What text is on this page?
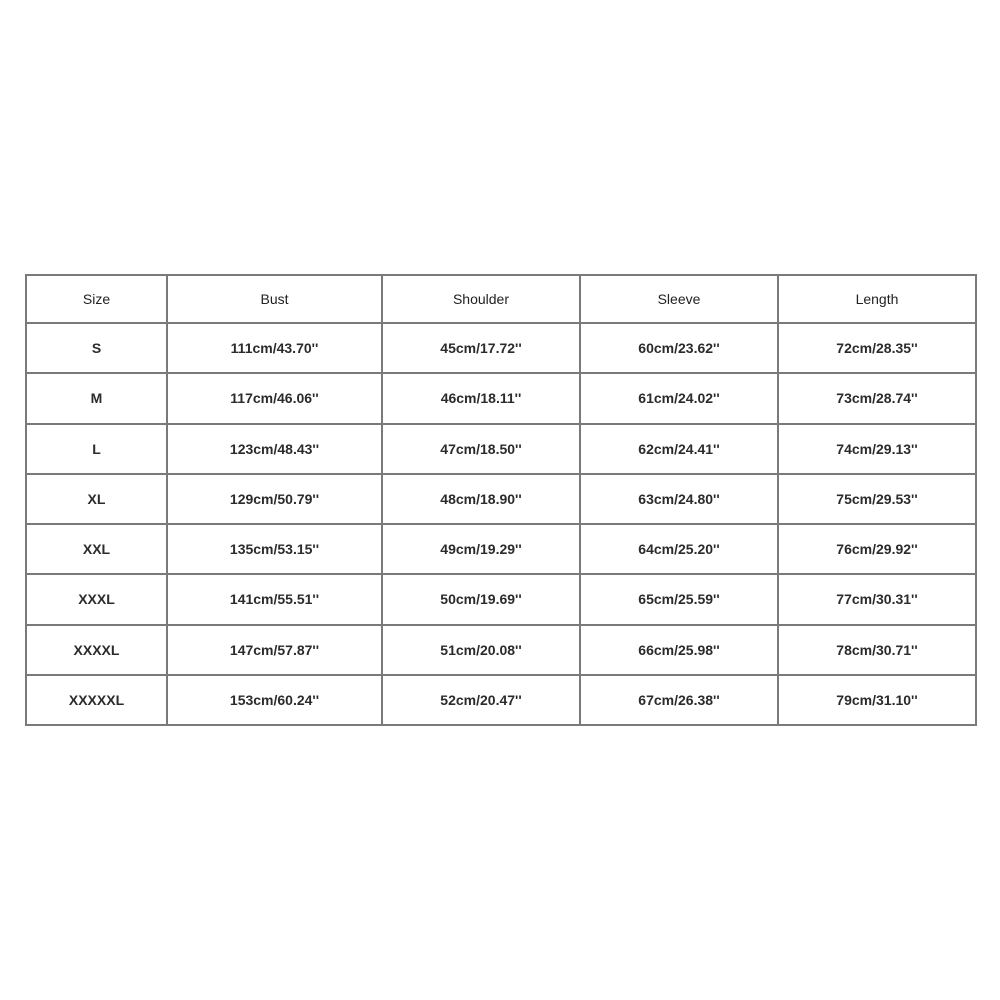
Size	Bust	Shoulder	Sleeve	Length
S	111cm/43.70''	45cm/17.72''	60cm/23.62''	72cm/28.35''
M	117cm/46.06''	46cm/18.11''	61cm/24.02''	73cm/28.74''
L	123cm/48.43''	47cm/18.50''	62cm/24.41''	74cm/29.13''
XL	129cm/50.79''	48cm/18.90''	63cm/24.80''	75cm/29.53''
XXL	135cm/53.15''	49cm/19.29''	64cm/25.20''	76cm/29.92''
XXXL	141cm/55.51''	50cm/19.69''	65cm/25.59''	77cm/30.31''
XXXXL	147cm/57.87''	51cm/20.08''	66cm/25.98''	78cm/30.71''
XXXXXL	153cm/60.24''	52cm/20.47''	67cm/26.38''	79cm/31.10''
